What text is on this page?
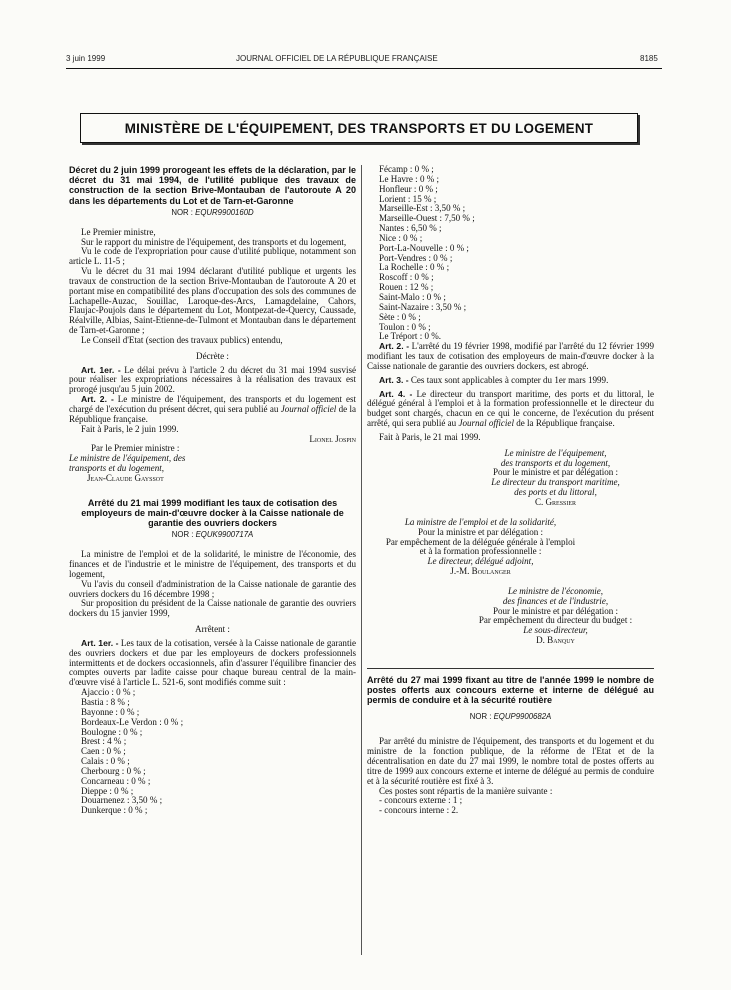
3 juin 1999	JOURNAL OFFICIEL DE LA RÉPUBLIQUE FRANÇAISE	8185
MINISTÈRE DE L'ÉQUIPEMENT, DES TRANSPORTS ET DU LOGEMENT
Décret du 2 juin 1999 prorogeant les effets de la déclaration, par le décret du 31 mai 1994, de l'utilité publique des travaux de construction de la section Brive-Montauban de l'autoroute A 20 dans les départements du Lot et de Tarn-et-Garonne
NOR : EQUR9900160D

Le Premier ministre,

Sur le rapport du ministre de l'équipement, des transports et du logement,

Vu le code de l'expropriation pour cause d'utilité publique, notamment son article L. 11-5 ;

Vu le décret du 31 mai 1994 déclarant d'utilité publique et urgents les travaux de construction de la section Brive-Montauban de l'autoroute A 20 et portant mise en compatibilité des plans d'occupation des sols des communes de Lachapelle-Auzac, Souillac, Laroque-des-Arcs, Lamagdelaine, Cahors, Flaujac-Poujols dans le département du Lot, Montpezat-de-Quercy, Caussade, Réalville, Albias, Saint-Etienne-de-Tulmont et Montauban dans le département de Tarn-et-Garonne ;

Le Conseil d'Etat (section des travaux publics) entendu,

Décrète :

Art. 1er. - Le délai prévu à l'article 2 du décret du 31 mai 1994 susvisé pour réaliser les expropriations nécessaires à la réalisation des travaux est prorogé jusqu'au 5 juin 2002.

Art. 2. - Le ministre de l'équipement, des transports et du logement est chargé de l'exécution du présent décret, qui sera publié au Journal officiel de la République française.

Fait à Paris, le 2 juin 1999.

Lionel Jospin

Par le Premier ministre :

Le ministre de l'équipement, des transports et du logement,

Jean-Claude Gayssot

Arrêté du 21 mai 1999 modifiant les taux de cotisation des employeurs de main-d'œuvre docker à la Caisse nationale de garantie des ouvriers dockers
NOR : EQUK9900717A

La ministre de l'emploi et de la solidarité, le ministre de l'économie, des finances et de l'industrie et le ministre de l'équipement, des transports et du logement,

Vu l'avis du conseil d'administration de la Caisse nationale de garantie des ouvriers dockers du 16 décembre 1998 ;

Sur proposition du président de la Caisse nationale de garantie des ouvriers dockers du 15 janvier 1999,

Arrêtent :

Art. 1er. - Les taux de la cotisation, versée à la Caisse nationale de garantie des ouvriers dockers et due par les employeurs de dockers professionnels intermittents et de dockers occasionnels, afin d'assurer l'équilibre financier des comptes ouverts par ladite caisse pour chaque bureau central de la main-d'œuvre visé à l'article L. 521-6, sont modifiés comme suit :

Ajaccio : 0 % ;
Bastia : 8 % ;
Bayonne : 0 % ;
Bordeaux-Le Verdon : 0 % ;
Boulogne : 0 % ;
Brest : 4 % ;
Caen : 0 % ;
Calais : 0 % ;
Cherbourg : 0 % ;
Concarneau : 0 % ;
Dieppe : 0 % ;
Douarnenez : 3,50 % ;
Dunkerque : 0 % ;
Fécamp : 0 % ;
Le Havre : 0 % ;
Honfleur : 0 % ;
Lorient : 15 % ;
Marseille-Est : 3,50 % ;
Marseille-Ouest : 7,50 % ;
Nantes : 6,50 % ;
Nice : 0 % ;
Port-La-Nouvelle : 0 % ;
Port-Vendres : 0 % ;
La Rochelle : 0 % ;
Roscoff : 0 % ;
Rouen : 12 % ;
Saint-Malo : 0 % ;
Saint-Nazaire : 3,50 % ;
Sète : 0 % ;
Toulon : 0 % ;
Le Tréport : 0 %.

Art. 2. - L'arrêté du 19 février 1998, modifié par l'arrêté du 12 février 1999 modifiant les taux de cotisation des employeurs de main-d'œuvre docker à la Caisse nationale de garantie des ouvriers dockers, est abrogé.

Art. 3. - Ces taux sont applicables à compter du 1er mars 1999.

Art. 4. - Le directeur du transport maritime, des ports et du littoral, le délégué général à l'emploi et à la formation professionnelle et le directeur du budget sont chargés, chacun en ce qui le concerne, de l'exécution du présent arrêté, qui sera publié au Journal officiel de la République française.

Fait à Paris, le 21 mai 1999.

Le ministre de l'équipement,

des transports et du logement,

Pour le ministre et par délégation :

Le directeur du transport maritime,

des ports et du littoral,

C. Gressier

La ministre de l'emploi et de la solidarité,

Pour la ministre et par délégation :

Par empêchement de la déléguée générale à l'emploi

et à la formation professionnelle :

Le directeur, délégué adjoint,

J.-M. Boulanger

Le ministre de l'économie,

des finances et de l'industrie,

Pour le ministre et par délégation :

Par empêchement du directeur du budget :

Le sous-directeur,

D. Banquy

Arrêté du 27 mai 1999 fixant au titre de l'année 1999 le nombre de postes offerts aux concours externe et interne de délégué au permis de conduire et à la sécurité routière
NOR : EQUP9900682A

Par arrêté du ministre de l'équipement, des transports et du logement et du ministre de la fonction publique, de la réforme de l'Etat et de la décentralisation en date du 27 mai 1999, le nombre total de postes offerts au titre de 1999 aux concours externe et interne de délégué au permis de conduire et à la sécurité routière est fixé à 3.

Ces postes sont répartis de la manière suivante :

- concours externe : 1 ;

- concours interne : 2.
